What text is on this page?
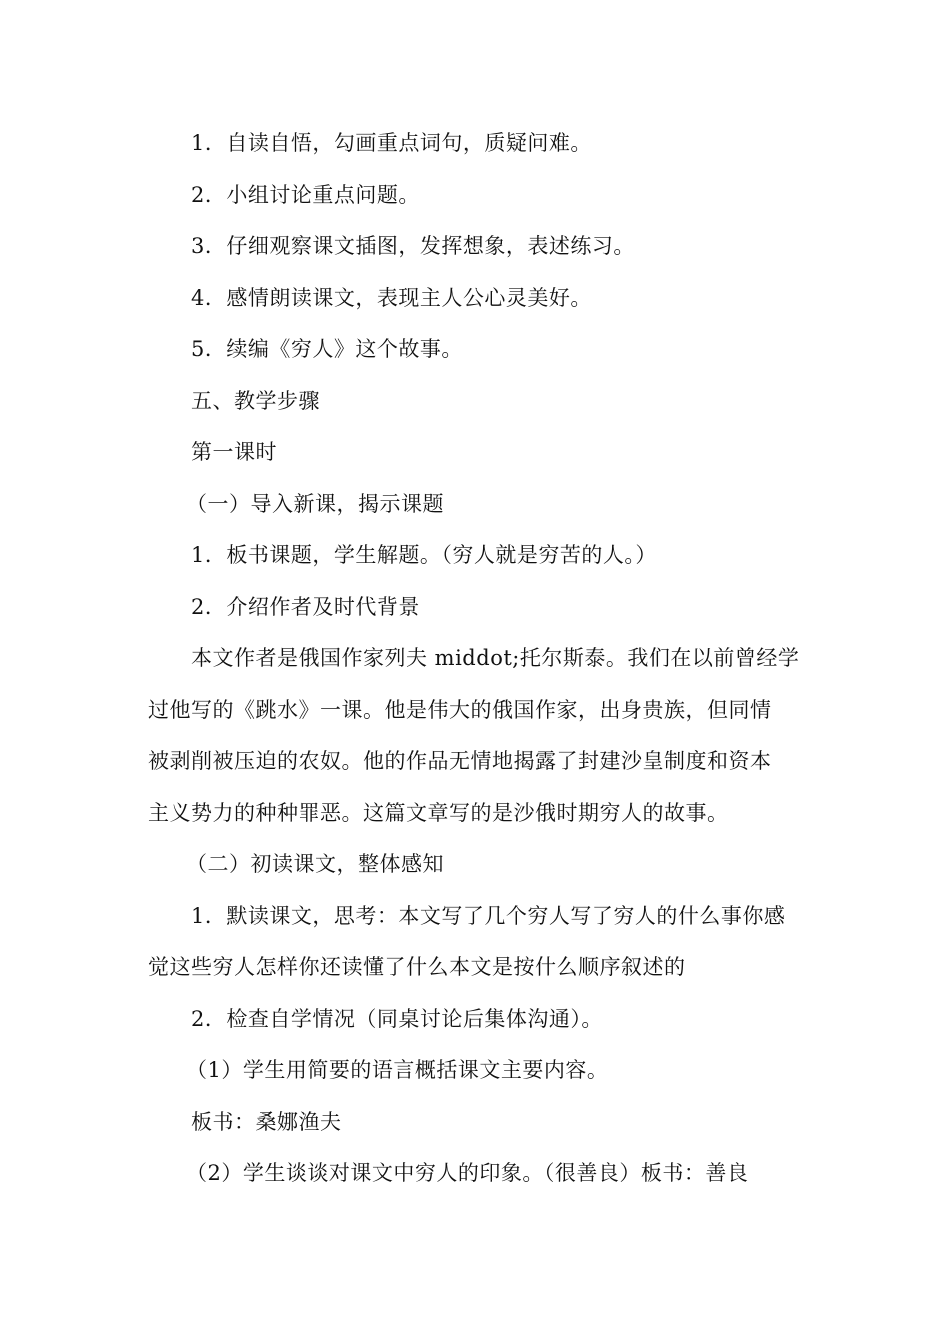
1．自读自悟，勾画重点词句，质疑问难。
2．小组讨论重点问题。
3．仔细观察课文插图，发挥想象，表述练习。
4．感情朗读课文，表现主人公心灵美好。
5．续编《穷人》这个故事。
五、教学步骤
第一课时
（一）导入新课，揭示课题
1．板书课题，学生解题。（穷人就是穷苦的人。）
2．介绍作者及时代背景
本文作者是俄国作家列夫 middot;托尔斯泰。我们在以前曾经学
过他写的《跳水》一课。他是伟大的俄国作家，出身贵族，但同情
被剥削被压迫的农奴。他的作品无情地揭露了封建沙皇制度和资本
主义势力的种种罪恶。这篇文章写的是沙俄时期穷人的故事。
（二）初读课文，整体感知
1．默读课文，思考：本文写了几个穷人写了穷人的什么事你感
觉这些穷人怎样你还读懂了什么本文是按什么顺序叙述的
2．检查自学情况（同桌讨论后集体沟通）。
（1）学生用简要的语言概括课文主要内容。
板书：桑娜渔夫
（2）学生谈谈对课文中穷人的印象。（很善良）板书：善良
